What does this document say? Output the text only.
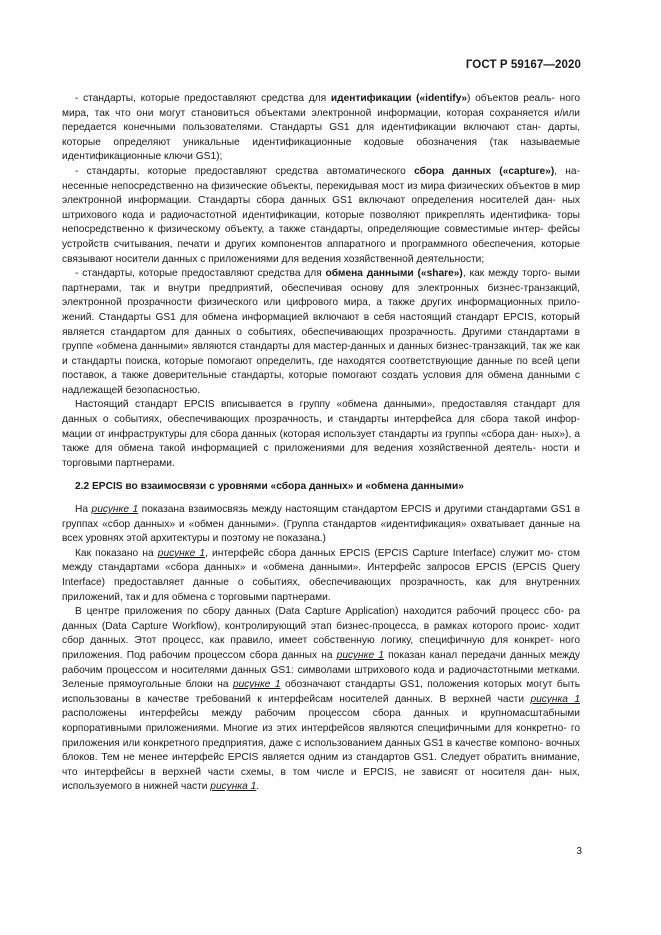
ГОСТ Р 59167—2020

- стандарты, которые предоставляют средства для идентификации («identify») объектов реаль- ного мира, так что они могут становиться объектами электронной информации, которая сохраняется и/или передается конечными пользователями. Стандарты GS1 для идентификации включают стан- дарты, которые определяют уникальные идентификационные кодовые обозначения (так называемые идентификационные ключи GS1);

- стандарты, которые предоставляют средства автоматического сбора данных («capture»), на- несенные непосредственно на физические объекты, перекидывая мост из мира физических объектов в мир электронной информации. Стандарты сбора данных GS1 включают определения носителей дан- ных штрихового кода и радиочастотной идентификации, которые позволяют прикреплять идентифика- торы непосредственно к физическому объекту, а также стандарты, определяющие совместимые интер- фейсы устройств считывания, печати и других компонентов аппаратного и программного обеспечения, которые связывают носители данных с приложениями для ведения хозяйственной деятельности;

- стандарты, которые предоставляют средства для обмена данными («share»), как между торго- выми партнерами, так и внутри предприятий, обеспечивая основу для электронных бизнес-транзакций, электронной прозрачности физического или цифрового мира, а также других информационных прило- жений. Стандарты GS1 для обмена информацией включают в себя настоящий стандарт EPCIS, который является стандартом для данных о событиях, обеспечивающих прозрачность. Другими стандартами в группе «обмена данными» являются стандарты для мастер-данных и данных бизнес-транзакций, так же как и стандарты поиска, которые помогают определить, где находятся соответствующие данные по всей цепи поставок, а также доверительные стандарты, которые помогают создать условия для обмена данными с надлежащей безопасностью.

Настоящий стандарт EPCIS вписывается в группу «обмена данными», предоставляя стандарт для данных о событиях, обеспечивающих прозрачность, и стандарты интерфейса для сбора такой инфор- мации от инфраструктуры для сбора данных (которая использует стандарты из группы «сбора дан- ных»), а также для обмена такой информацией с приложениями для ведения хозяйственной деятель- ности и торговыми партнерами.

2.2 EPCIS во взаимосвязи с уровнями «сбора данных» и «обмена данными»

На рисунке 1 показана взаимосвязь между настоящим стандартом EPCIS и другими стандартами GS1 в группах «сбор данных» и «обмен данными». (Группа стандартов «идентификация» охватывает данные на всех уровнях этой архитектуры и поэтому не показана.)

Как показано на рисунке 1, интерфейс сбора данных EPCIS (EPCIS Capture Interface) служит мо- стом между стандартами «сбора данных» и «обмена данными». Интерфейс запросов EPCIS (EPCIS Query Interface) предоставляет данные о событиях, обеспечивающих прозрачность, как для внутренних приложений, так и для обмена с торговыми партнерами.

В центре приложения по сбору данных (Data Capture Application) находится рабочий процесс сбо- ра данных (Data Capture Workflow), контролирующий этап бизнес-процесса, в рамках которого проис- ходит сбор данных. Этот процесс, как правило, имеет собственную логику, специфичную для конкрет- ного приложения. Под рабочим процессом сбора данных на рисунке 1 показан канал передачи данных между рабочим процессом и носителями данных GS1: символами штрихового кода и радиочастотными метками. Зеленые прямоугольные блоки на рисунке 1 обозначают стандарты GS1, положения которых могут быть использованы в качестве требований к интерфейсам носителей данных. В верхней части рисунка 1 расположены интерфейсы между рабочим процессом сбора данных и крупномасштабными корпоративными приложениями. Многие из этих интерфейсов являются специфичными для конкретно- го приложения или конкретного предприятия, даже с использованием данных GS1 в качестве компоно- вочных блоков. Тем не менее интерфейс EPCIS является одним из стандартов GS1. Следует обратить внимание, что интерфейсы в верхней части схемы, в том числе и EPCIS, не зависят от носителя дан- ных, используемого в нижней части рисунка 1.

3
